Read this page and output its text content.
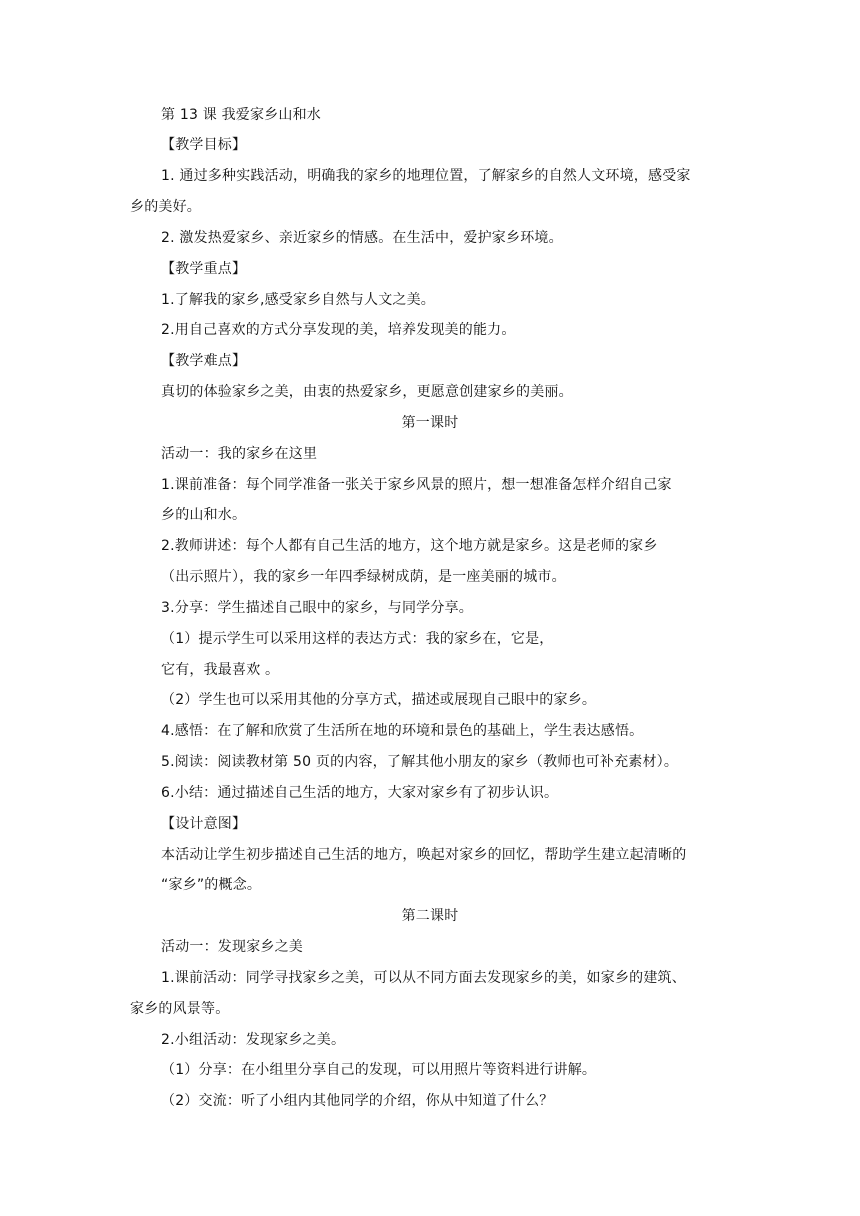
第 13 课 我爱家乡山和水
【教学目标】
1. 通过多种实践活动，明确我的家乡的地理位置，了解家乡的自然人文环境，感受家
乡的美好。
2. 激发热爱家乡、亲近家乡的情感。在生活中，爱护家乡环境。
【教学重点】
1.了解我的家乡,感受家乡自然与人文之美。
2.用自己喜欢的方式分享发现的美，培养发现美的能力。
【教学难点】
真切的体验家乡之美，由衷的热爱家乡，更愿意创建家乡的美丽。
第一课时
活动一：我的家乡在这里
1.课前准备：每个同学准备一张关于家乡风景的照片，想一想准备怎样介绍自己家
乡的山和水。
2.教师讲述：每个人都有自己生活的地方，这个地方就是家乡。这是老师的家乡
（出示照片），我的家乡一年四季绿树成荫，是一座美丽的城市。
3.分享：学生描述自己眼中的家乡，与同学分享。
（1）提示学生可以采用这样的表达方式：我的家乡在，它是，
它有，我最喜欢 。
（2）学生也可以采用其他的分享方式，描述或展现自己眼中的家乡。
4.感悟：在了解和欣赏了生活所在地的环境和景色的基础上，学生表达感悟。
5.阅读：阅读教材第 50 页的内容，了解其他小朋友的家乡（教师也可补充素材）。
6.小结：通过描述自己生活的地方，大家对家乡有了初步认识。
【设计意图】
本活动让学生初步描述自己生活的地方，唤起对家乡的回忆，帮助学生建立起清晰的
“家乡”的概念。
第二课时
活动一：发现家乡之美
1.课前活动：同学寻找家乡之美，可以从不同方面去发现家乡的美，如家乡的建筑、
家乡的风景等。
2.小组活动：发现家乡之美。
（1）分享：在小组里分享自己的发现，可以用照片等资料进行讲解。
（2）交流：听了小组内其他同学的介绍，你从中知道了什么？
